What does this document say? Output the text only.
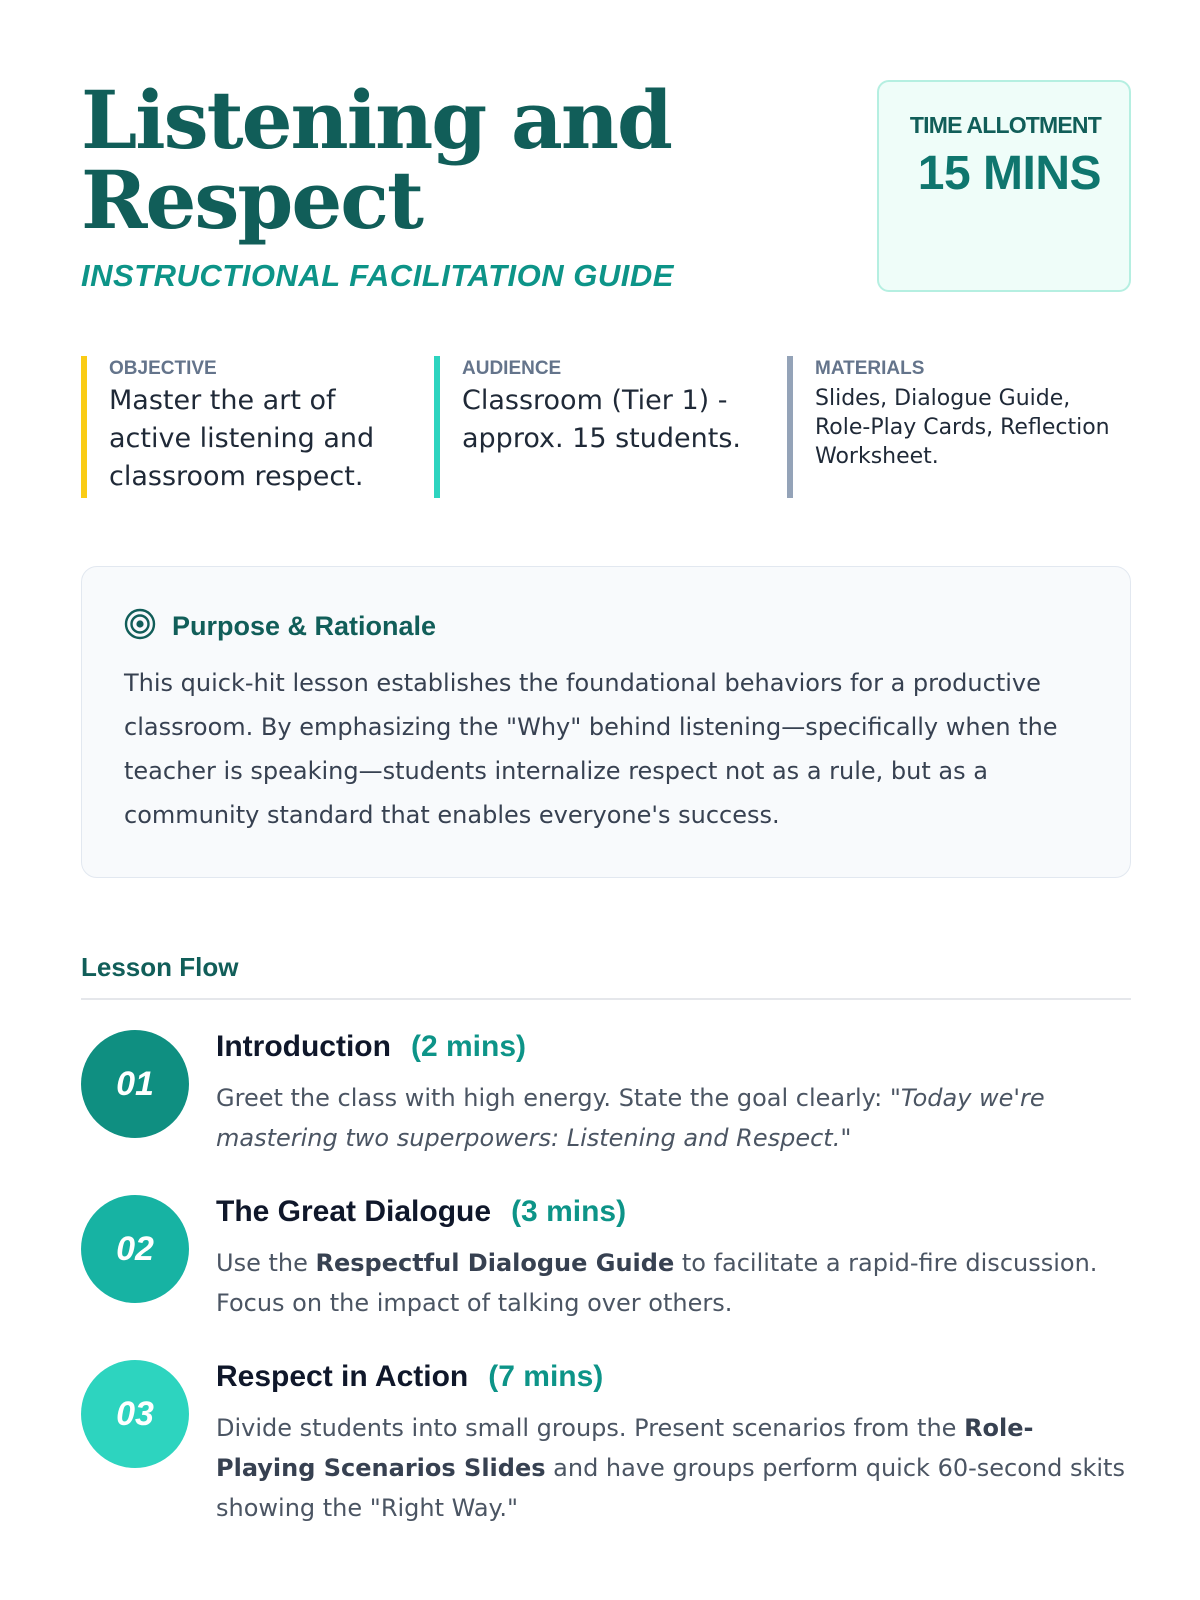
Listening and Respect
INSTRUCTIONAL FACILITATION GUIDE
TIME ALLOTMENT
15 MINS
OBJECTIVE
Master the art of active listening and classroom respect.
AUDIENCE
Classroom (Tier 1) - approx. 15 students.
MATERIALS
Slides, Dialogue Guide, Role-Play Cards, Reflection Worksheet.
Purpose & Rationale

This quick-hit lesson establishes the foundational behaviors for a productive classroom. By emphasizing the "Why" behind listening—specifically when the teacher is speaking—students internalize respect not as a rule, but as a community standard that enables everyone's success.

Lesson Flow
01
Introduction (2 mins)

Greet the class with high energy. State the goal clearly: "Today we're mastering two superpowers: Listening and Respect."

02
The Great Dialogue (3 mins)

Use the Respectful Dialogue Guide to facilitate a rapid-fire discussion. Focus on the impact of talking over others.

03
Respect in Action (7 mins)

Divide students into small groups. Present scenarios from the Role-Playing Scenarios Slides and have groups perform quick 60-second skits showing the "Right Way."
